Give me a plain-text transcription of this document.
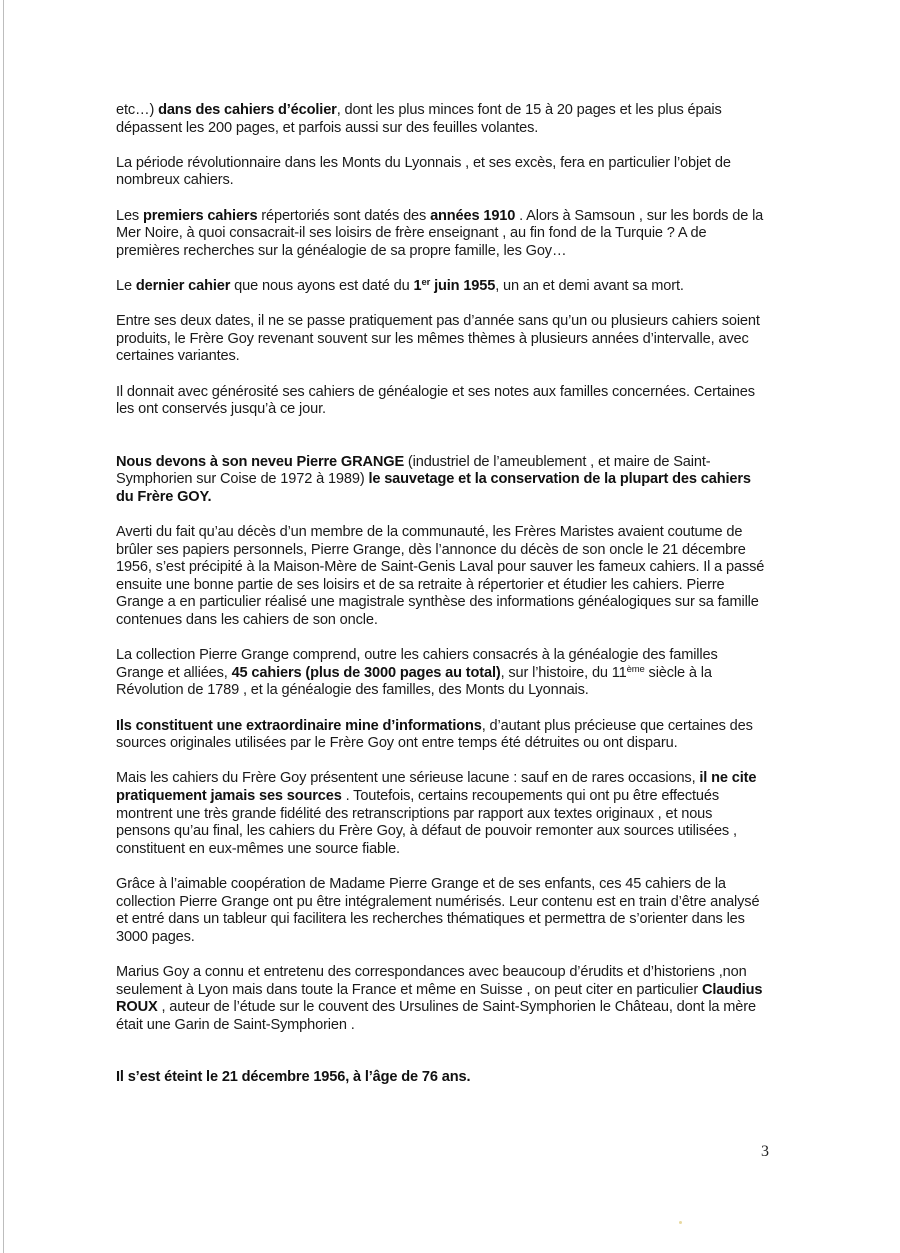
etc…) dans des cahiers d’écolier, dont les plus minces font de 15 à 20 pages et les plus épais dépassent les 200 pages, et parfois aussi sur des feuilles volantes.

La période révolutionnaire dans les Monts du Lyonnais , et ses excès, fera en particulier l’objet de nombreux cahiers.

Les premiers cahiers répertoriés sont datés des années 1910 . Alors à Samsoun , sur les bords de la Mer Noire, à quoi consacrait-il ses loisirs de frère enseignant , au fin fond de la Turquie ? A de premières recherches sur la généalogie de sa propre famille, les Goy…

Le dernier cahier que nous ayons est daté du 1er juin 1955, un an et demi avant sa mort.

Entre ses deux dates, il ne se passe pratiquement pas d’année sans qu’un ou plusieurs cahiers soient produits, le Frère Goy revenant souvent sur les mêmes thèmes à plusieurs années d’intervalle, avec certaines variantes.

Il donnait avec générosité ses cahiers de généalogie et ses notes aux familles concernées. Certaines les ont conservés jusqu’à ce jour.

Nous devons à son neveu Pierre GRANGE (industriel de l’ameublement , et maire de Saint-Symphorien sur Coise de 1972 à 1989) le sauvetage et la conservation de la plupart des cahiers du Frère GOY.

Averti du fait qu’au décès d’un membre de la communauté, les Frères Maristes avaient coutume de brûler ses papiers personnels, Pierre Grange, dès l’annonce du décès de son oncle le 21 décembre 1956, s’est précipité à la Maison-Mère de Saint-Genis Laval pour sauver les fameux cahiers. Il a passé ensuite une bonne partie de ses loisirs et de sa retraite à répertorier et étudier les cahiers. Pierre Grange a en particulier réalisé une magistrale synthèse des informations généalogiques sur sa famille contenues dans les cahiers de son oncle.

La collection Pierre Grange comprend, outre les cahiers consacrés à la généalogie des familles Grange et alliées, 45 cahiers (plus de 3000 pages au total), sur l’histoire, du 11ème siècle à la Révolution de 1789 , et la généalogie des familles, des Monts du Lyonnais.

Ils constituent une extraordinaire mine d’informations, d’autant plus précieuse que certaines des sources originales utilisées par le Frère Goy ont entre temps été détruites ou ont disparu.

Mais les cahiers du Frère Goy présentent une sérieuse lacune : sauf en de rares occasions, il ne cite pratiquement jamais ses sources . Toutefois, certains recoupements qui ont pu être effectués montrent une très grande fidélité des retranscriptions par rapport aux textes originaux , et nous pensons qu’au final, les cahiers du Frère Goy, à défaut de pouvoir remonter aux sources utilisées , constituent en eux-mêmes une source fiable.

Grâce à l’aimable coopération de Madame Pierre Grange et de ses enfants, ces 45 cahiers de la collection Pierre Grange ont pu être intégralement numérisés. Leur contenu est en train d’être analysé et entré dans un tableur qui facilitera les recherches thématiques et permettra de s’orienter dans les 3000 pages.

Marius Goy a connu et entretenu des correspondances avec beaucoup d’érudits et d’historiens ,non seulement à Lyon mais dans toute la France et même en Suisse , on peut citer en particulier Claudius ROUX , auteur de l’étude sur le couvent des Ursulines de Saint-Symphorien le Château, dont la mère était une Garin de Saint-Symphorien .

Il s’est éteint le 21 décembre 1956, à l’âge de 76 ans.

3
